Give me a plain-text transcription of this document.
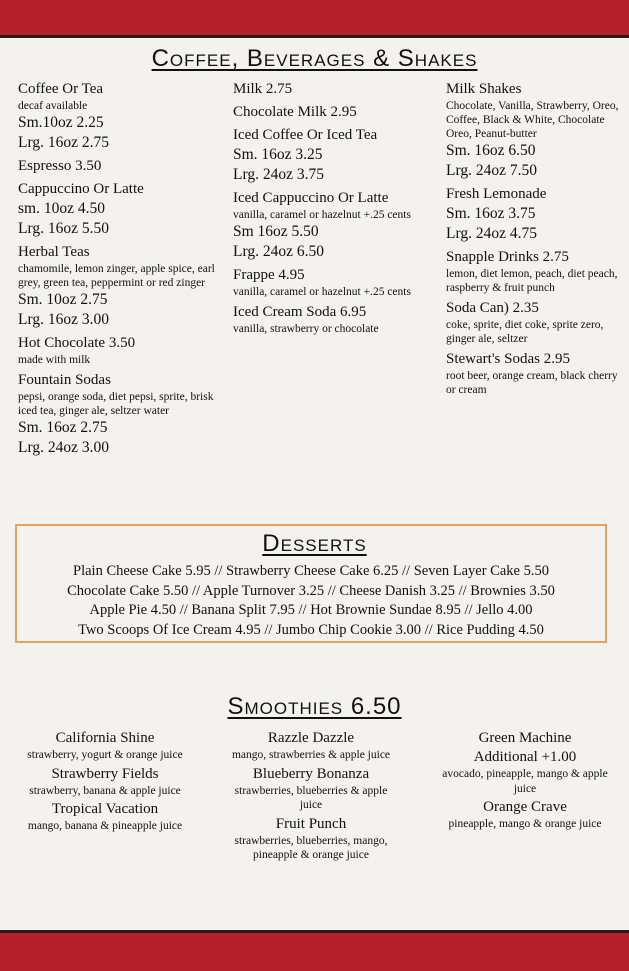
Coffee, Beverages & Shakes
Coffee Or Tea
decaf available
Sm.10oz 2.25
Lrg. 16oz 2.75
Espresso 3.50
Cappuccino Or Latte
sm. 10oz 4.50
Lrg. 16oz 5.50
Herbal Teas
chamomile, lemon zinger, apple spice, earl grey, green tea, peppermint or red zinger
Sm. 10oz 2.75
Lrg. 16oz 3.00
Hot Chocolate 3.50
made with milk
Fountain Sodas
pepsi, orange soda, diet pepsi, sprite, brisk iced tea, ginger ale, seltzer water
Sm. 16oz 2.75
Lrg. 24oz 3.00
Milk 2.75
Chocolate Milk 2.95
Iced Coffee Or Iced Tea
Sm. 16oz 3.25
Lrg. 24oz 3.75
Iced Cappuccino Or Latte
vanilla, caramel or hazelnut +.25 cents
Sm 16oz 5.50
Lrg. 24oz 6.50
Frappe 4.95
vanilla, caramel or hazelnut +.25 cents
Iced Cream Soda 6.95
vanilla, strawberry or chocolate
Milk Shakes
Chocolate, Vanilla, Strawberry, Oreo, Coffee, Black & White, Chocolate Oreo, Peanut-butter
Sm. 16oz 6.50
Lrg. 24oz 7.50
Fresh Lemonade
Sm. 16oz 3.75
Lrg. 24oz 4.75
Snapple Drinks 2.75
lemon, diet lemon, peach, diet peach, raspberry & fruit punch
Soda Can) 2.35
coke, sprite, diet coke, sprite zero, ginger ale, seltzer
Stewart's Sodas 2.95
root beer, orange cream, black cherry or cream
Desserts
Plain Cheese Cake 5.95 // Strawberry Cheese Cake 6.25 // Seven Layer Cake 5.50
Chocolate Cake 5.50 // Apple Turnover 3.25 // Cheese Danish 3.25 // Brownies 3.50
Apple Pie 4.50 // Banana Split 7.95 // Hot Brownie Sundae 8.95 // Jello 4.00
Two Scoops Of Ice Cream 4.95 // Jumbo Chip Cookie 3.00 // Rice Pudding 4.50
Smoothies 6.50
California Shine
strawberry, yogurt & orange juice
Strawberry Fields
strawberry, banana & apple juice
Tropical Vacation
mango, banana & pineapple juice
Razzle Dazzle
mango, strawberries & apple juice
Blueberry Bonanza
strawberries, blueberries & apple juice
Fruit Punch
strawberries, blueberries, mango, pineapple & orange juice
Green Machine
Additional +1.00
avocado, pineapple, mango & apple juice
Orange Crave
pineapple, mango & orange juice
